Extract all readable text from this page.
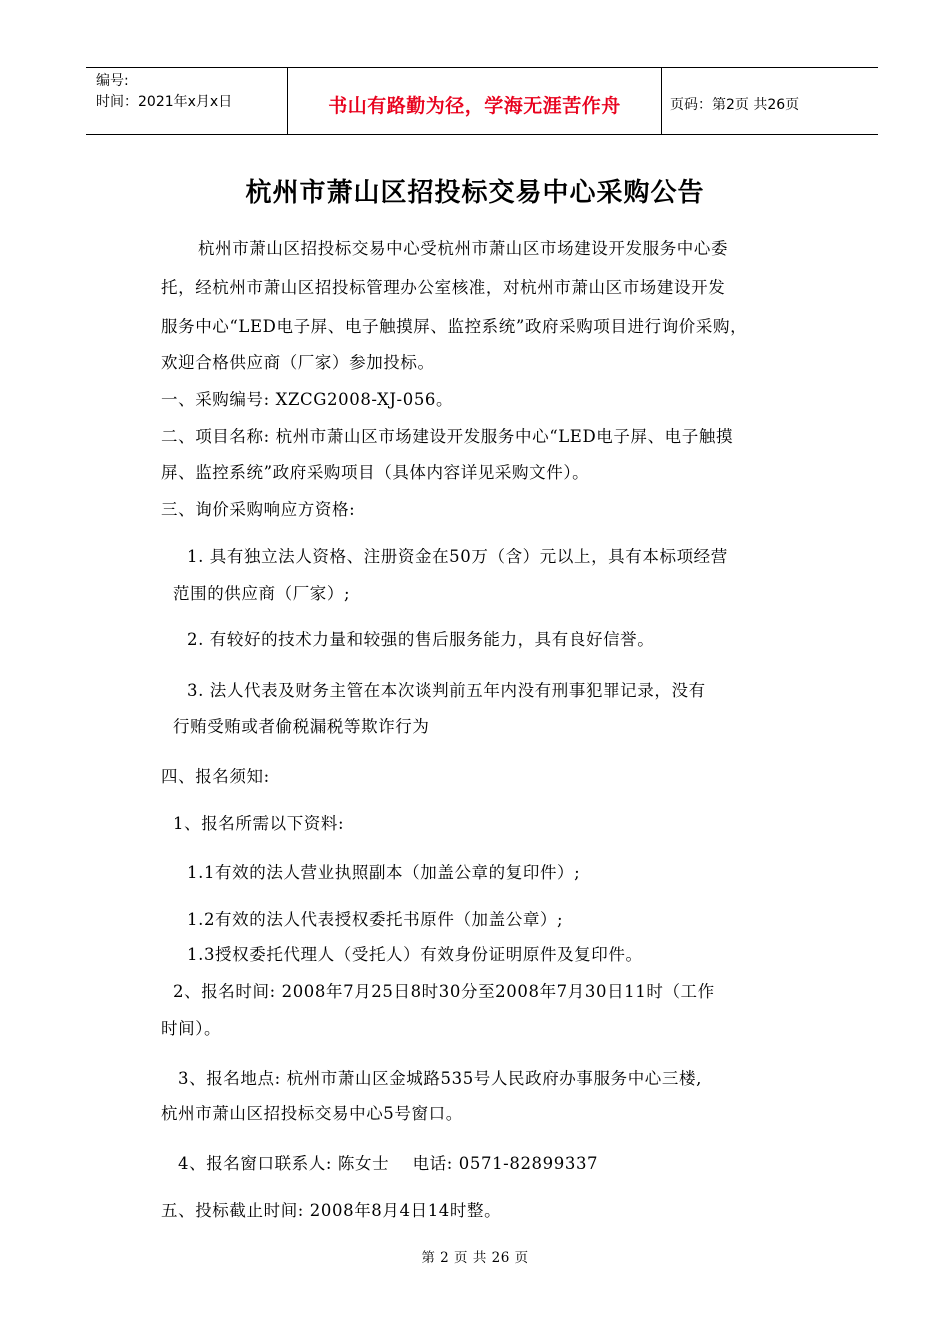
编号:
时间：2021年x月x日	书山有路勤为径，学海无涯苦作舟	页码：第2页 共26页
杭州市萧山区招投标交易中心采购公告
杭州市萧山区招投标交易中心受杭州市萧山区市场建设开发服务中心委
托，经杭州市萧山区招投标管理办公室核准，对杭州市萧山区市场建设开发
服务中心“LED电子屏、电子触摸屏、监控系统”政府采购项目进行询价采购，
欢迎合格供应商（厂家）参加投标。
一、采购编号: XZCG2008-XJ-056。
二、项目名称: 杭州市萧山区市场建设开发服务中心“LED电子屏、电子触摸
屏、监控系统”政府采购项目（具体内容详见采购文件）。
三、询价采购响应方资格:
1. 具有独立法人资格、注册资金在50万（含）元以上，具有本标项经营
范围的供应商（厂家）;
2. 有较好的技术力量和较强的售后服务能力，具有良好信誉。
3. 法人代表及财务主管在本次谈判前五年内没有刑事犯罪记录，没有
行贿受贿或者偷税漏税等欺诈行为
四、报名须知:
1、报名所需以下资料:
1.1有效的法人营业执照副本（加盖公章的复印件）;
1.2有效的法人代表授权委托书原件（加盖公章）;
1.3授权委托代理人（受托人）有效身份证明原件及复印件。
2、报名时间: 2008年7月25日8时30分至2008年7月30日11时（工作
时间）。
3、报名地点: 杭州市萧山区金城路535号人民政府办事服务中心三楼,
杭州市萧山区招投标交易中心5号窗口。
4、报名窗口联系人: 陈女士    电话: 0571-82899337
五、投标截止时间: 2008年8月4日14时整。
第 2 页 共 26 页
